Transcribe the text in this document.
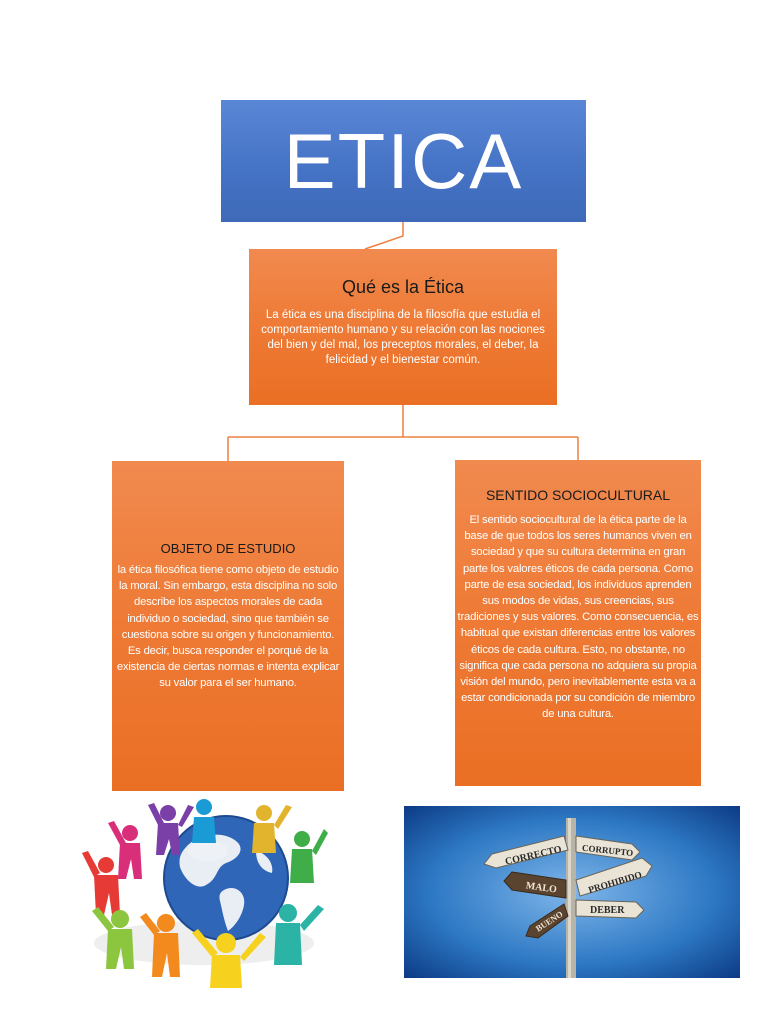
ETICA
Qué es la Ética
La ética es una disciplina de la filosofía que estudia el comportamiento humano y su relación con las nociones del bien y del mal, los preceptos morales, el deber, la felicidad y el bienestar común.
OBJETO DE ESTUDIO
la ética filosófica tiene como objeto de estudio la moral. Sin embargo, esta disciplina no solo describe los aspectos morales de cada individuo o sociedad, sino que también se cuestiona sobre su origen y funcionamiento. Es decir, busca responder el porqué de la existencia de ciertas normas e intenta explicar su valor para el ser humano.
SENTIDO SOCIOCULTURAL
El sentido sociocultural de la ética parte de la base de que todos los seres humanos viven en sociedad y que su cultura determina en gran parte los valores éticos de cada persona. Como parte de esa sociedad, los individuos aprenden sus modos de vidas, sus creencias, sus tradiciones y sus valores. Como consecuencia, es habitual que existan diferencias entre los valores éticos de cada cultura. Esto, no obstante, no significa que cada persona no adquiera su propia visión del mundo, pero inevitablemente esta va a estar condicionada por su condición de miembro de una cultura.
CORRECTO CORRUPTO
PROHIBIDO
MALO
BUENO	DEBER
